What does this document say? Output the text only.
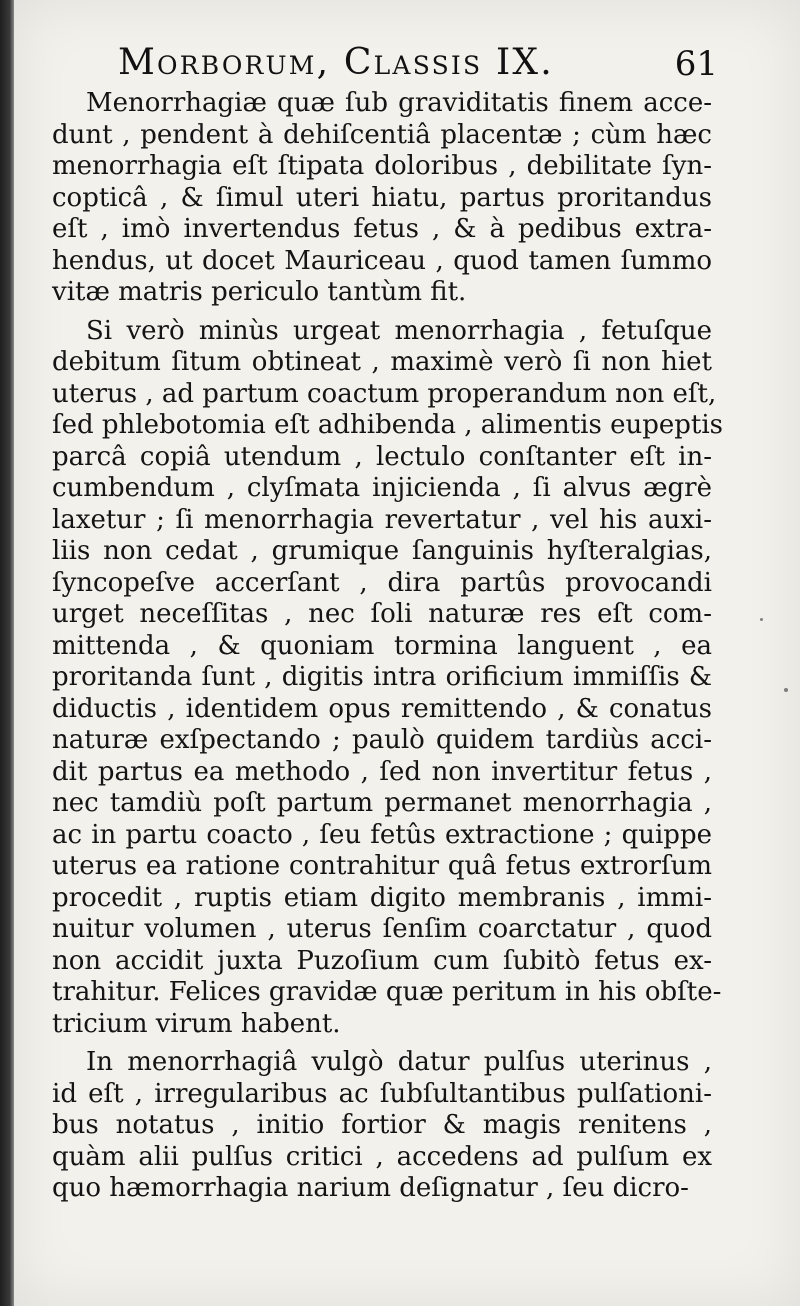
Morborum, Classis IX.	61
Menorrhagiæ quæ ſub graviditatis finem acce-
dunt , pendent à dehiſcentiâ placentæ ; cùm hæc
menorrhagia eſt ſtipata doloribus , debilitate ſyn-
copticâ , & ſimul uteri hiatu, partus proritandus
eſt , imò invertendus fetus , & à pedibus extra-
hendus, ut docet Mauriceau , quod tamen ſummo
vitæ matris periculo tantùm fit.
Si verò minùs urgeat menorrhagia , fetuſque
debitum ſitum obtineat , maximè verò ſi non hiet
uterus , ad partum coactum properandum non eſt,
ſed phlebotomia eſt adhibenda , alimentis eupeptis
parcâ copiâ utendum , lectulo conſtanter eſt in-
cumbendum , clyſmata injicienda , ſi alvus ægrè
laxetur ; ſi menorrhagia revertatur , vel his auxi-
liis non cedat , grumique ſanguinis hyſteralgias,
ſyncopeſve accerſant , dira partûs provocandi
urget neceſſitas , nec ſoli naturæ res eſt com-
mittenda , & quoniam tormina languent , ea
proritanda ſunt , digitis intra orificium immiſſis &
diductis , identidem opus remittendo , & conatus
naturæ exſpectando ; paulò quidem tardiùs acci-
dit partus ea methodo , ſed non invertitur fetus ,
nec tamdiù poſt partum permanet menorrhagia ,
ac in partu coacto , ſeu fetûs extractione ; quippe
uterus ea ratione contrahitur quâ fetus extrorſum
procedit , ruptis etiam digito membranis , immi-
nuitur volumen , uterus ſenſim coarctatur , quod
non accidit juxta Puzoſium cum ſubitò fetus ex-
trahitur. Felices gravidæ quæ peritum in his obſte-
tricium virum habent.
In menorrhagiâ vulgò datur pulſus uterinus ,
id eſt , irregularibus ac ſubſultantibus pulſationi-
bus notatus , initio fortior & magis renitens ,
quàm alii pulſus critici , accedens ad pulſum ex
quo hæmorrhagia narium deſignatur , ſeu dicro-
